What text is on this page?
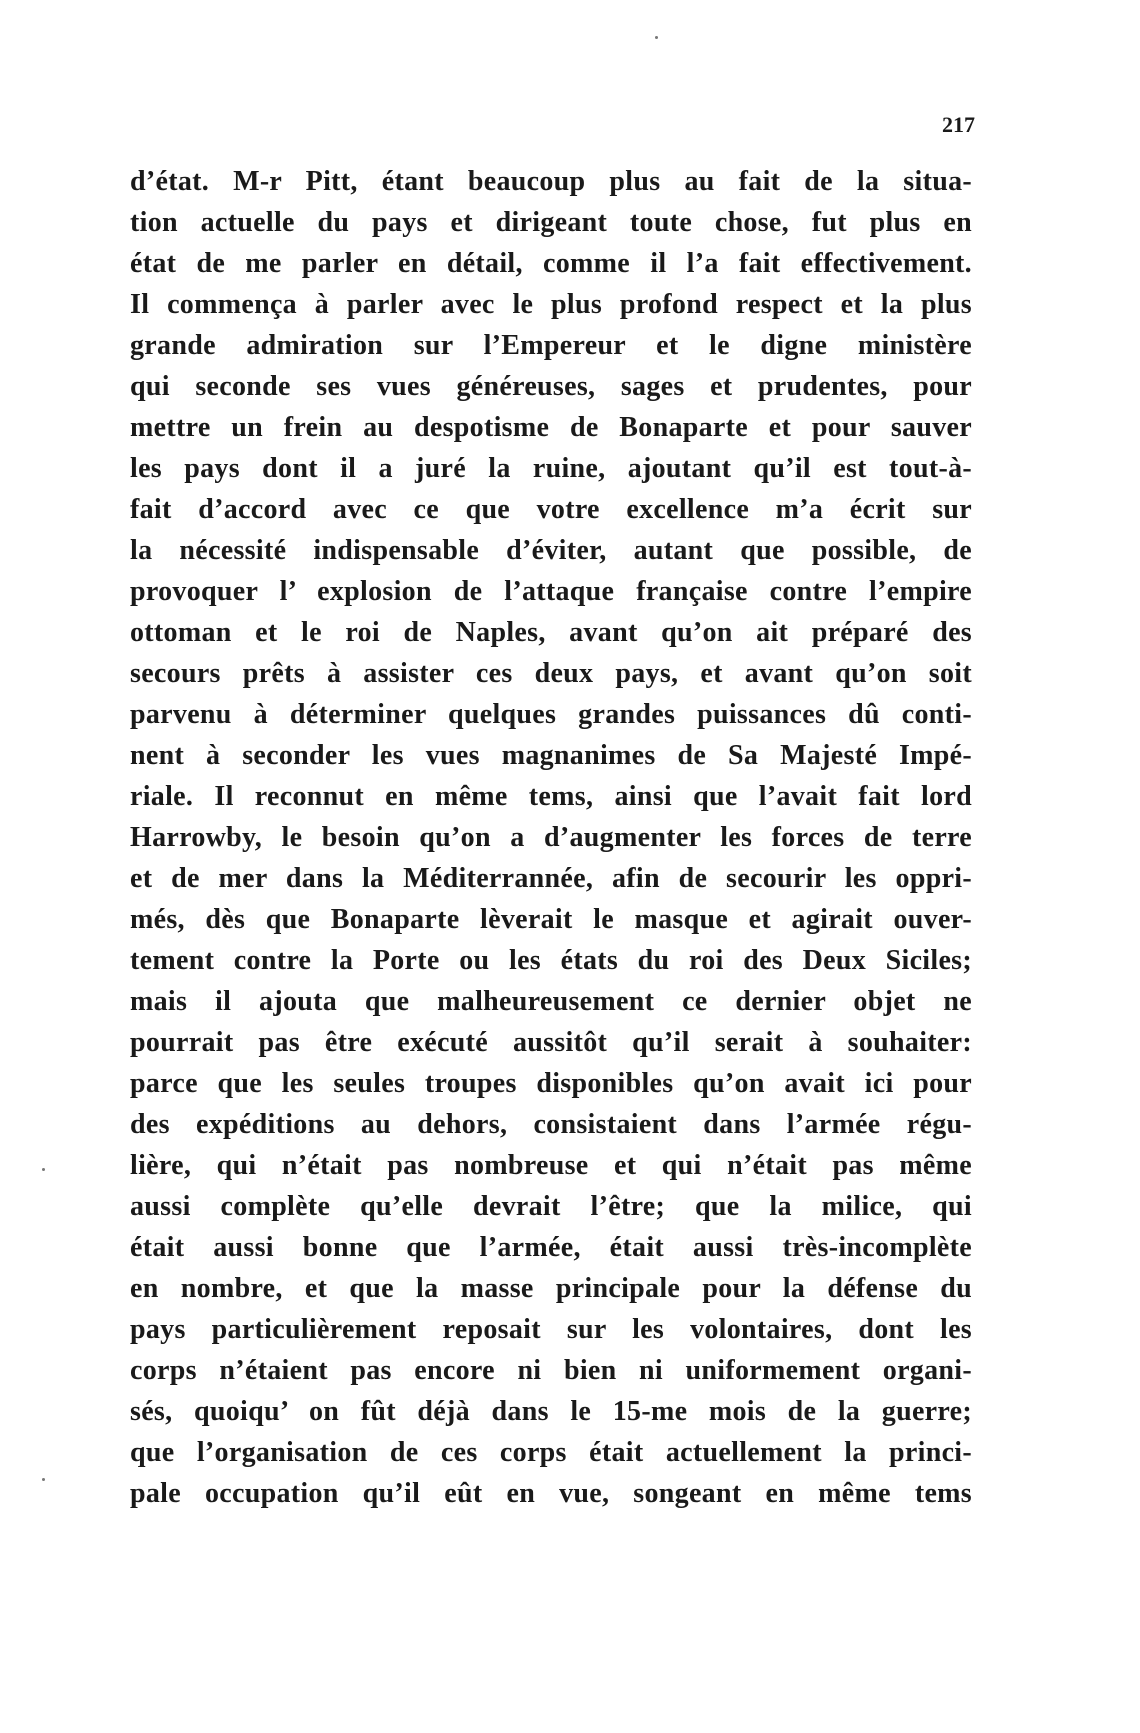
217
d’état. M-r Pitt, étant beaucoup plus au fait de la situa-
tion actuelle du pays et dirigeant toute chose, fut plus en
état de me parler en détail, comme il l’a fait effectivement.
Il commença à parler avec le plus profond respect et la plus
grande admiration sur l’Empereur et le digne ministère
qui seconde ses vues généreuses, sages et prudentes, pour
mettre un frein au despotisme de Bonaparte et pour sauver
les pays dont il a juré la ruine, ajoutant qu’il est tout-à-
fait d’accord avec ce que votre excellence m’a écrit sur
la nécessité indispensable d’éviter, autant que possible, de
provoquer l’ explosion de l’attaque française contre l’empire
ottoman et le roi de Naples, avant qu’on ait préparé des
secours prêts à assister ces deux pays, et avant qu’on soit
parvenu à déterminer quelques grandes puissances dû conti-
nent à seconder les vues magnanimes de Sa Majesté Impé-
riale. Il reconnut en même tems, ainsi que l’avait fait lord
Harrowby, le besoin qu’on a d’augmenter les forces de terre
et de mer dans la Méditerrannée, afin de secourir les oppri-
més, dès que Bonaparte lèverait le masque et agirait ouver-
tement contre la Porte ou les états du roi des Deux Siciles;
mais il ajouta que malheureusement ce dernier objet ne
pourrait pas être exécuté aussitôt qu’il serait à souhaiter:
parce que les seules troupes disponibles qu’on avait ici pour
des expéditions au dehors, consistaient dans l’armée régu-
lière, qui n’était pas nombreuse et qui n’était pas même
aussi complète qu’elle devrait l’être; que la milice, qui
était aussi bonne que l’armée, était aussi très-incomplète
en nombre, et que la masse principale pour la défense du
pays particulièrement reposait sur les volontaires, dont les
corps n’étaient pas encore ni bien ni uniformement organi-
sés, quoiqu’ on fût déjà dans le 15-me mois de la guerre;
que l’organisation de ces corps était actuellement la princi-
pale occupation qu’il eût en vue, songeant en même tems
